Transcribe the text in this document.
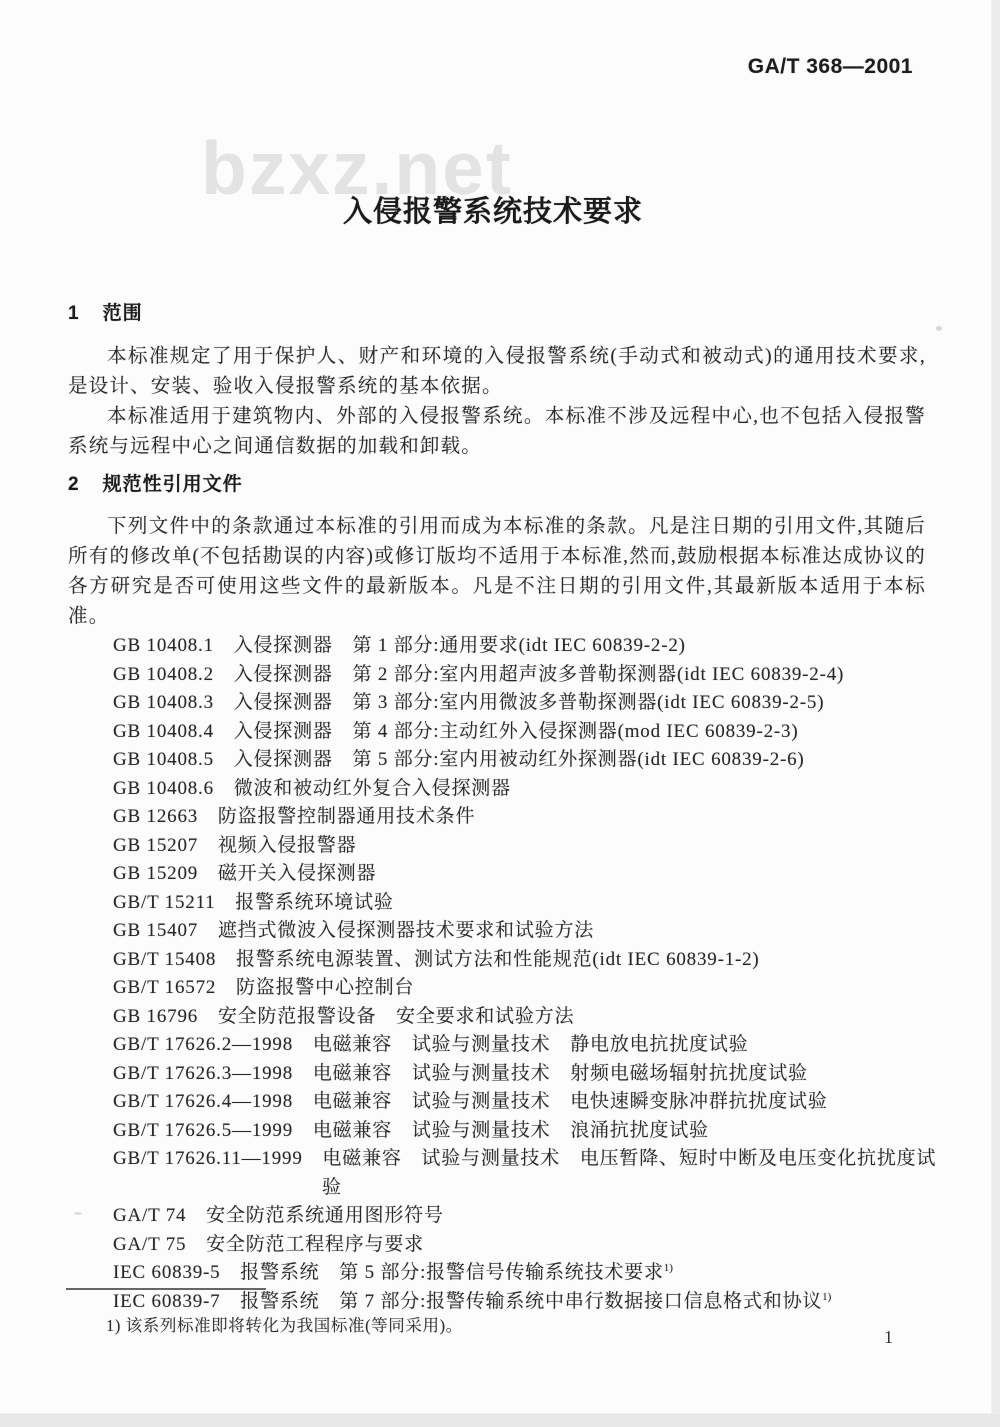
GA/T 368—2001
bzxz.net
入侵报警系统技术要求
1 范围

本标准规定了用于保护人、财产和环境的入侵报警系统(手动式和被动式)的通用技术要求,是设计、安装、验收入侵报警系统的基本依据。

本标准适用于建筑物内、外部的入侵报警系统。本标准不涉及远程中心,也不包括入侵报警系统与远程中心之间通信数据的加载和卸载。

2 规范性引用文件

下列文件中的条款通过本标准的引用而成为本标准的条款。凡是注日期的引用文件,其随后所有的修改单(不包括勘误的内容)或修订版均不适用于本标准,然而,鼓励根据本标准达成协议的各方研究是否可使用这些文件的最新版本。凡是不注日期的引用文件,其最新版本适用于本标准。

GB 10408.1　入侵探测器　第 1 部分:通用要求(idt IEC 60839-2-2)
GB 10408.2　入侵探测器　第 2 部分:室内用超声波多普勒探测器(idt IEC 60839-2-4)
GB 10408.3　入侵探测器　第 3 部分:室内用微波多普勒探测器(idt IEC 60839-2-5)
GB 10408.4　入侵探测器　第 4 部分:主动红外入侵探测器(mod IEC 60839-2-3)
GB 10408.5　入侵探测器　第 5 部分:室内用被动红外探测器(idt IEC 60839-2-6)
GB 10408.6　微波和被动红外复合入侵探测器
GB 12663　防盗报警控制器通用技术条件
GB 15207　视频入侵报警器
GB 15209　磁开关入侵探测器
GB/T 15211　报警系统环境试验
GB 15407　遮挡式微波入侵探测器技术要求和试验方法
GB/T 15408　报警系统电源装置、测试方法和性能规范(idt IEC 60839-1-2)
GB/T 16572　防盗报警中心控制台
GB 16796　安全防范报警设备　安全要求和试验方法
GB/T 17626.2—1998　电磁兼容　试验与测量技术　静电放电抗扰度试验
GB/T 17626.3—1998　电磁兼容　试验与测量技术　射频电磁场辐射抗扰度试验
GB/T 17626.4—1998　电磁兼容　试验与测量技术　电快速瞬变脉冲群抗扰度试验
GB/T 17626.5—1999　电磁兼容　试验与测量技术　浪涌抗扰度试验
GB/T 17626.11—1999　电磁兼容　试验与测量技术　电压暂降、短时中断及电压变化抗扰度试
验
GA/T 74　安全防范系统通用图形符号
GA/T 75　安全防范工程程序与要求
IEC 60839-5　报警系统　第 5 部分:报警信号传输系统技术要求$^{1)}$
IEC 60839-7　报警系统　第 7 部分:报警传输系统中串行数据接口信息格式和协议$^{1)}$
1) 该系列标准即将转化为我国标准(等同采用)。
1
